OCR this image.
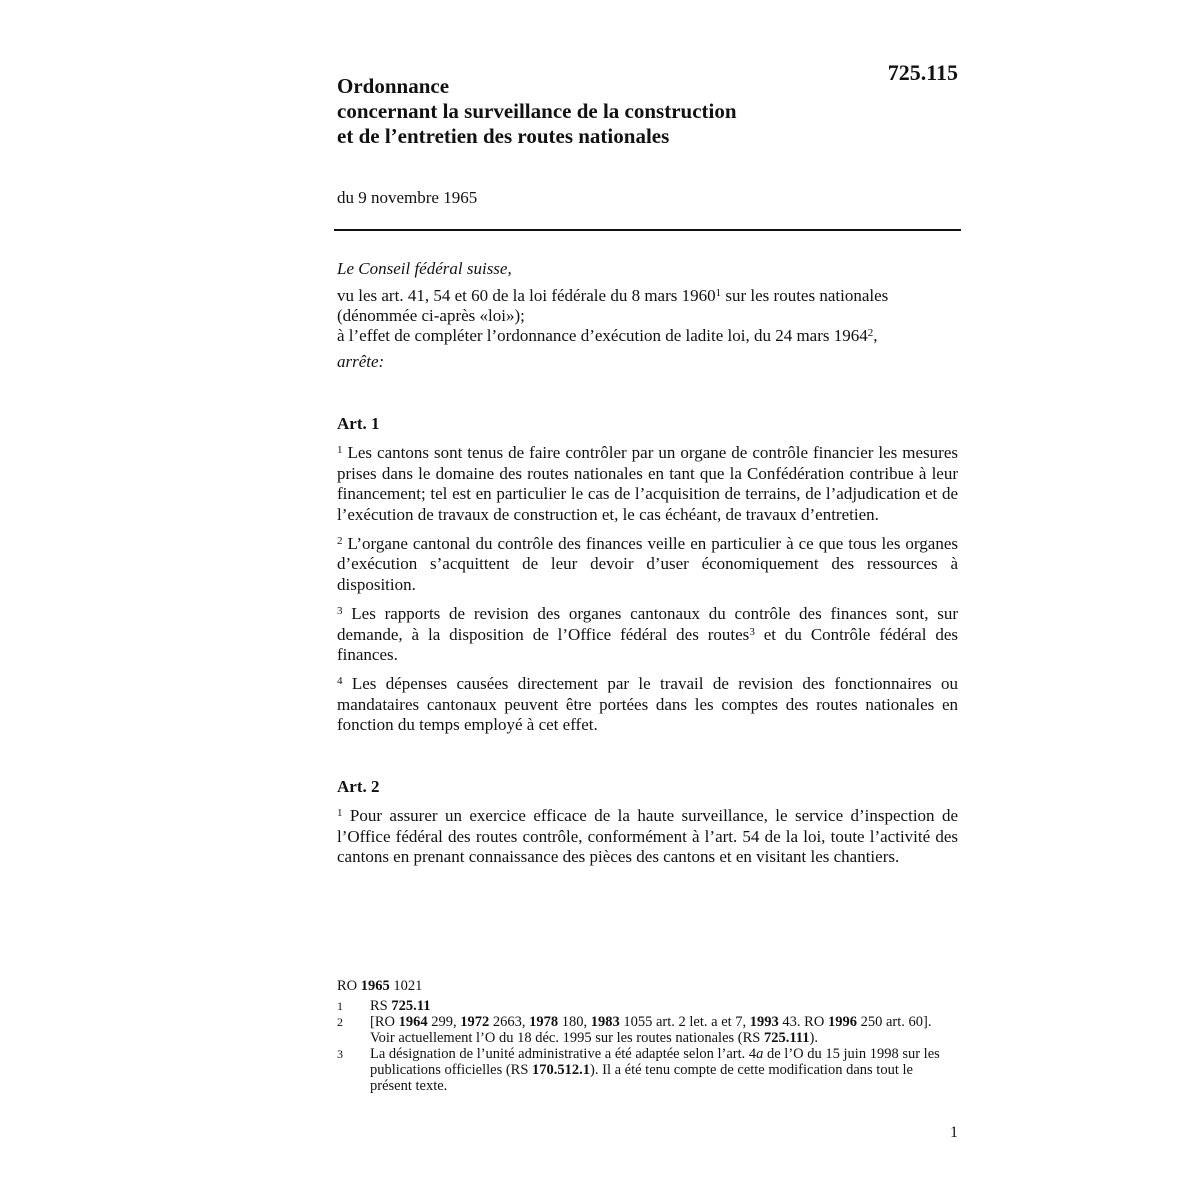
725.115
Ordonnance
concernant la surveillance de la construction
et de l’entretien des routes nationales
du 9 novembre 1965
Le Conseil fédéral suisse,
vu les art. 41, 54 et 60 de la loi fédérale du 8 mars 1960$^1$ sur les routes nationales
(dénommée ci-après «loi»);
à l’effet de compléter l’ordonnance d’exécution de ladite loi, du 24 mars 1964$^2$,
arrête:
Art. 1

$^1$ Les cantons sont tenus de faire contrôler par un organe de contrôle financier les mesures prises dans le domaine des routes nationales en tant que la Confédération contribue à leur financement; tel est en particulier le cas de l’acquisition de terrains, de l’adjudication et de l’exécution de travaux de construction et, le cas échéant, de travaux d’entretien.

$^2$ L’organe cantonal du contrôle des finances veille en particulier à ce que tous les organes d’exécution s’acquittent de leur devoir d’user économiquement des ressources à disposition.

$^3$ Les rapports de revision des organes cantonaux du contrôle des finances sont, sur demande, à la disposition de l’Office fédéral des routes$^3$ et du Contrôle fédéral des finances.

$^4$ Les dépenses causées directement par le travail de revision des fonctionnaires ou mandataires cantonaux peuvent être portées dans les comptes des routes nationales en fonction du temps employé à cet effet.

Art. 2

$^1$ Pour assurer un exercice efficace de la haute surveillance, le service d’inspection de l’Office fédéral des routes contrôle, conformément à l’art. 54 de la loi, toute l’activité des cantons en prenant connaissance des pièces des cantons et en visitant les chantiers.

RO 1965 1021
1	RS 725.11
2	[RO 1964 299, 1972 2663, 1978 180, 1983 1055 art. 2 let. a et 7, 1993 43. RO 1996 250 art. 60]. Voir actuellement l’O du 18 déc. 1995 sur les routes nationales (RS 725.111).
3	La désignation de l’unité administrative a été adaptée selon l’art. 4a de l’O du 15 juin 1998 sur les publications officielles (RS 170.512.1). Il a été tenu compte de cette modification dans tout le présent texte.
1
